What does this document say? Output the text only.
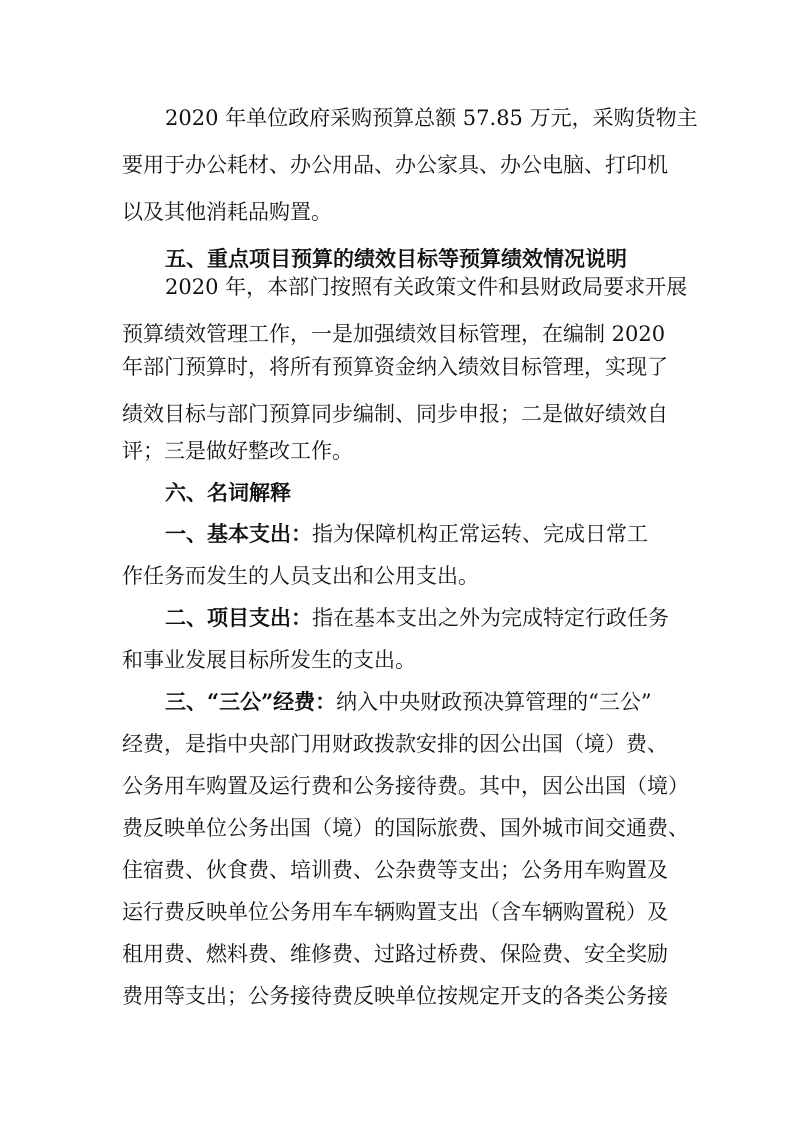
2020 年单位政府采购预算总额 57.85 万元，采购货物主
要用于办公耗材、办公用品、办公家具、办公电脑、打印机
以及其他消耗品购置。
五、重点项目预算的绩效目标等预算绩效情况说明
2020 年，本部门按照有关政策文件和县财政局要求开展
预算绩效管理工作，一是加强绩效目标管理，在编制 2020
年部门预算时，将所有预算资金纳入绩效目标管理，实现了
绩效目标与部门预算同步编制、同步申报；二是做好绩效自
评；三是做好整改工作。
六、名词解释
一、基本支出：指为保障机构正常运转、完成日常工
作任务而发生的人员支出和公用支出。
二、项目支出：指在基本支出之外为完成特定行政任务
和事业发展目标所发生的支出。
三、“三公”经费：纳入中央财政预决算管理的“三公”
经费，是指中央部门用财政拨款安排的因公出国（境）费、
公务用车购置及运行费和公务接待费。其中，因公出国（境）
费反映单位公务出国（境）的国际旅费、国外城市间交通费、
住宿费、伙食费、培训费、公杂费等支出；公务用车购置及
运行费反映单位公务用车车辆购置支出（含车辆购置税）及
租用费、燃料费、维修费、过路过桥费、保险费、安全奖励
费用等支出；公务接待费反映单位按规定开支的各类公务接
